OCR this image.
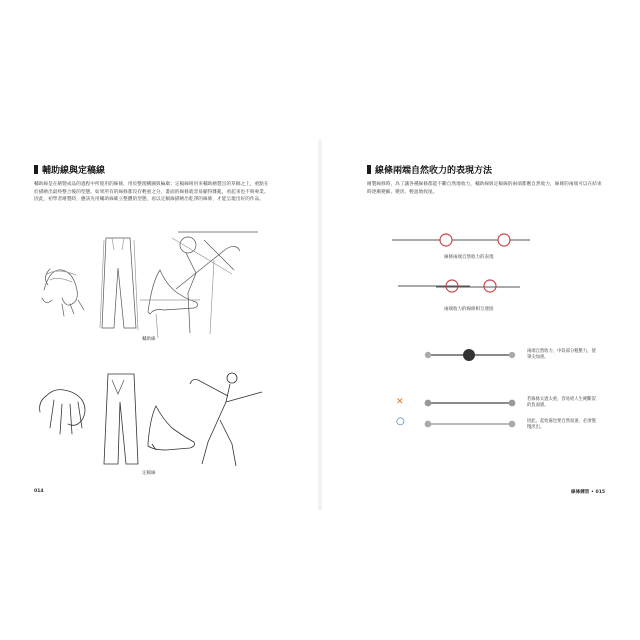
輔助線與定稿線
輔助線是在繪製成品的過程中所使用的線條，用於整理構圖與輪廓；定稿線則用來輔助繪製出的草稿之上，重點在於描繪出最終整合後的型態。如果所有的線條都沒有輕重之分，畫面的線條就容易顯得雜亂，看起來也不夠專業。因此，初學者繪製時，應該先用輔助線確立整體的型態，再以定稿線描繪出乾淨的線條，才能呈現出好的作品。
線條兩端自然收力的表現方法
繪製線條時，為了讓各種線條都能不斷自然地收力，輔助線與定稿線的兩端都應自然收力，線條的兩端可以在結束時逐漸變細、變淡、輕盈地收尾。
輔助線
定稿線
線條兩端自然收力的表現
兩端收力的線條相互連接
兩端自然收力，中段部分粗壓力，使筆尖加重。
若線條太過太重，容易給人生硬斷裂的負面感。
因此，起始處也要自然加速，必須慢慢淡出。
✕
○
014	線條練習 • 015
